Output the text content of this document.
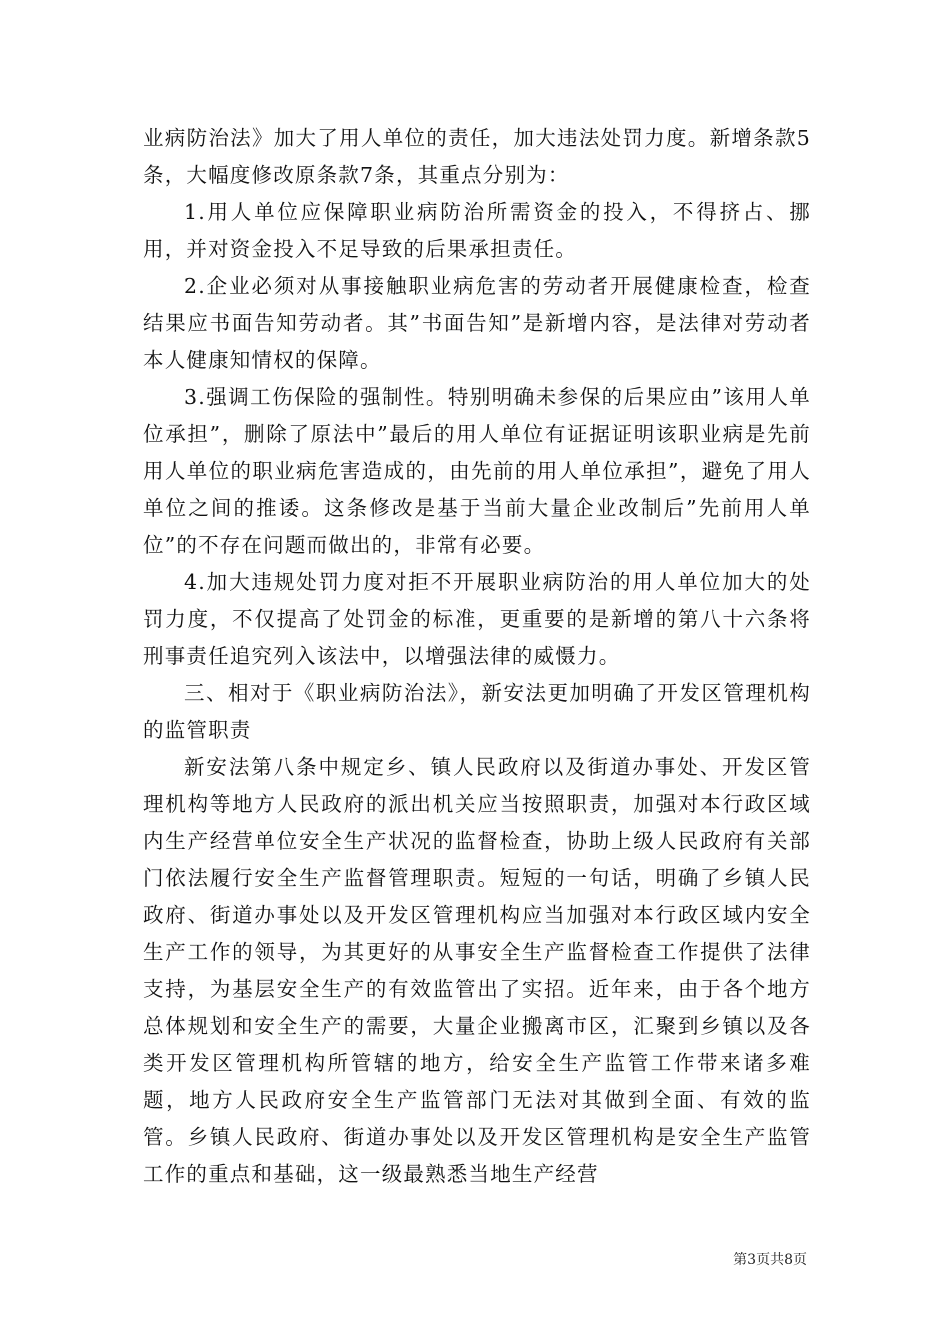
业病防治法》加大了用人单位的责任，加大违法处罚力度。新增条款5条，大幅度修改原条款7条，其重点分别为：

1.用人单位应保障职业病防治所需资金的投入，不得挤占、挪用，并对资金投入不足导致的后果承担责任。

2.企业必须对从事接触职业病危害的劳动者开展健康检查，检查结果应书面告知劳动者。其”书面告知”是新增内容，是法律对劳动者本人健康知情权的保障。

3.强调工伤保险的强制性。特别明确未参保的后果应由”该用人单位承担”，删除了原法中”最后的用人单位有证据证明该职业病是先前用人单位的职业病危害造成的，由先前的用人单位承担”，避免了用人单位之间的推诿。这条修改是基于当前大量企业改制后”先前用人单位”的不存在问题而做出的，非常有必要。

4.加大违规处罚力度对拒不开展职业病防治的用人单位加大的处罚力度，不仅提高了处罚金的标准，更重要的是新增的第八十六条将刑事责任追究列入该法中，以增强法律的威慑力。

三、相对于《职业病防治法》，新安法更加明确了开发区管理机构的监管职责

新安法第八条中规定乡、镇人民政府以及街道办事处、开发区管理机构等地方人民政府的派出机关应当按照职责，加强对本行政区域内生产经营单位安全生产状况的监督检查，协助上级人民政府有关部门依法履行安全生产监督管理职责。短短的一句话，明确了乡镇人民政府、街道办事处以及开发区管理机构应当加强对本行政区域内安全生产工作的领导，为其更好的从事安全生产监督检查工作提供了法律支持，为基层安全生产的有效监管出了实招。近年来，由于各个地方总体规划和安全生产的需要，大量企业搬离市区，汇聚到乡镇以及各类开发区管理机构所管辖的地方，给安全生产监管工作带来诸多难题，地方人民政府安全生产监管部门无法对其做到全面、有效的监管。乡镇人民政府、街道办事处以及开发区管理机构是安全生产监管工作的重点和基础，这一级最熟悉当地生产经营

第3页共8页
